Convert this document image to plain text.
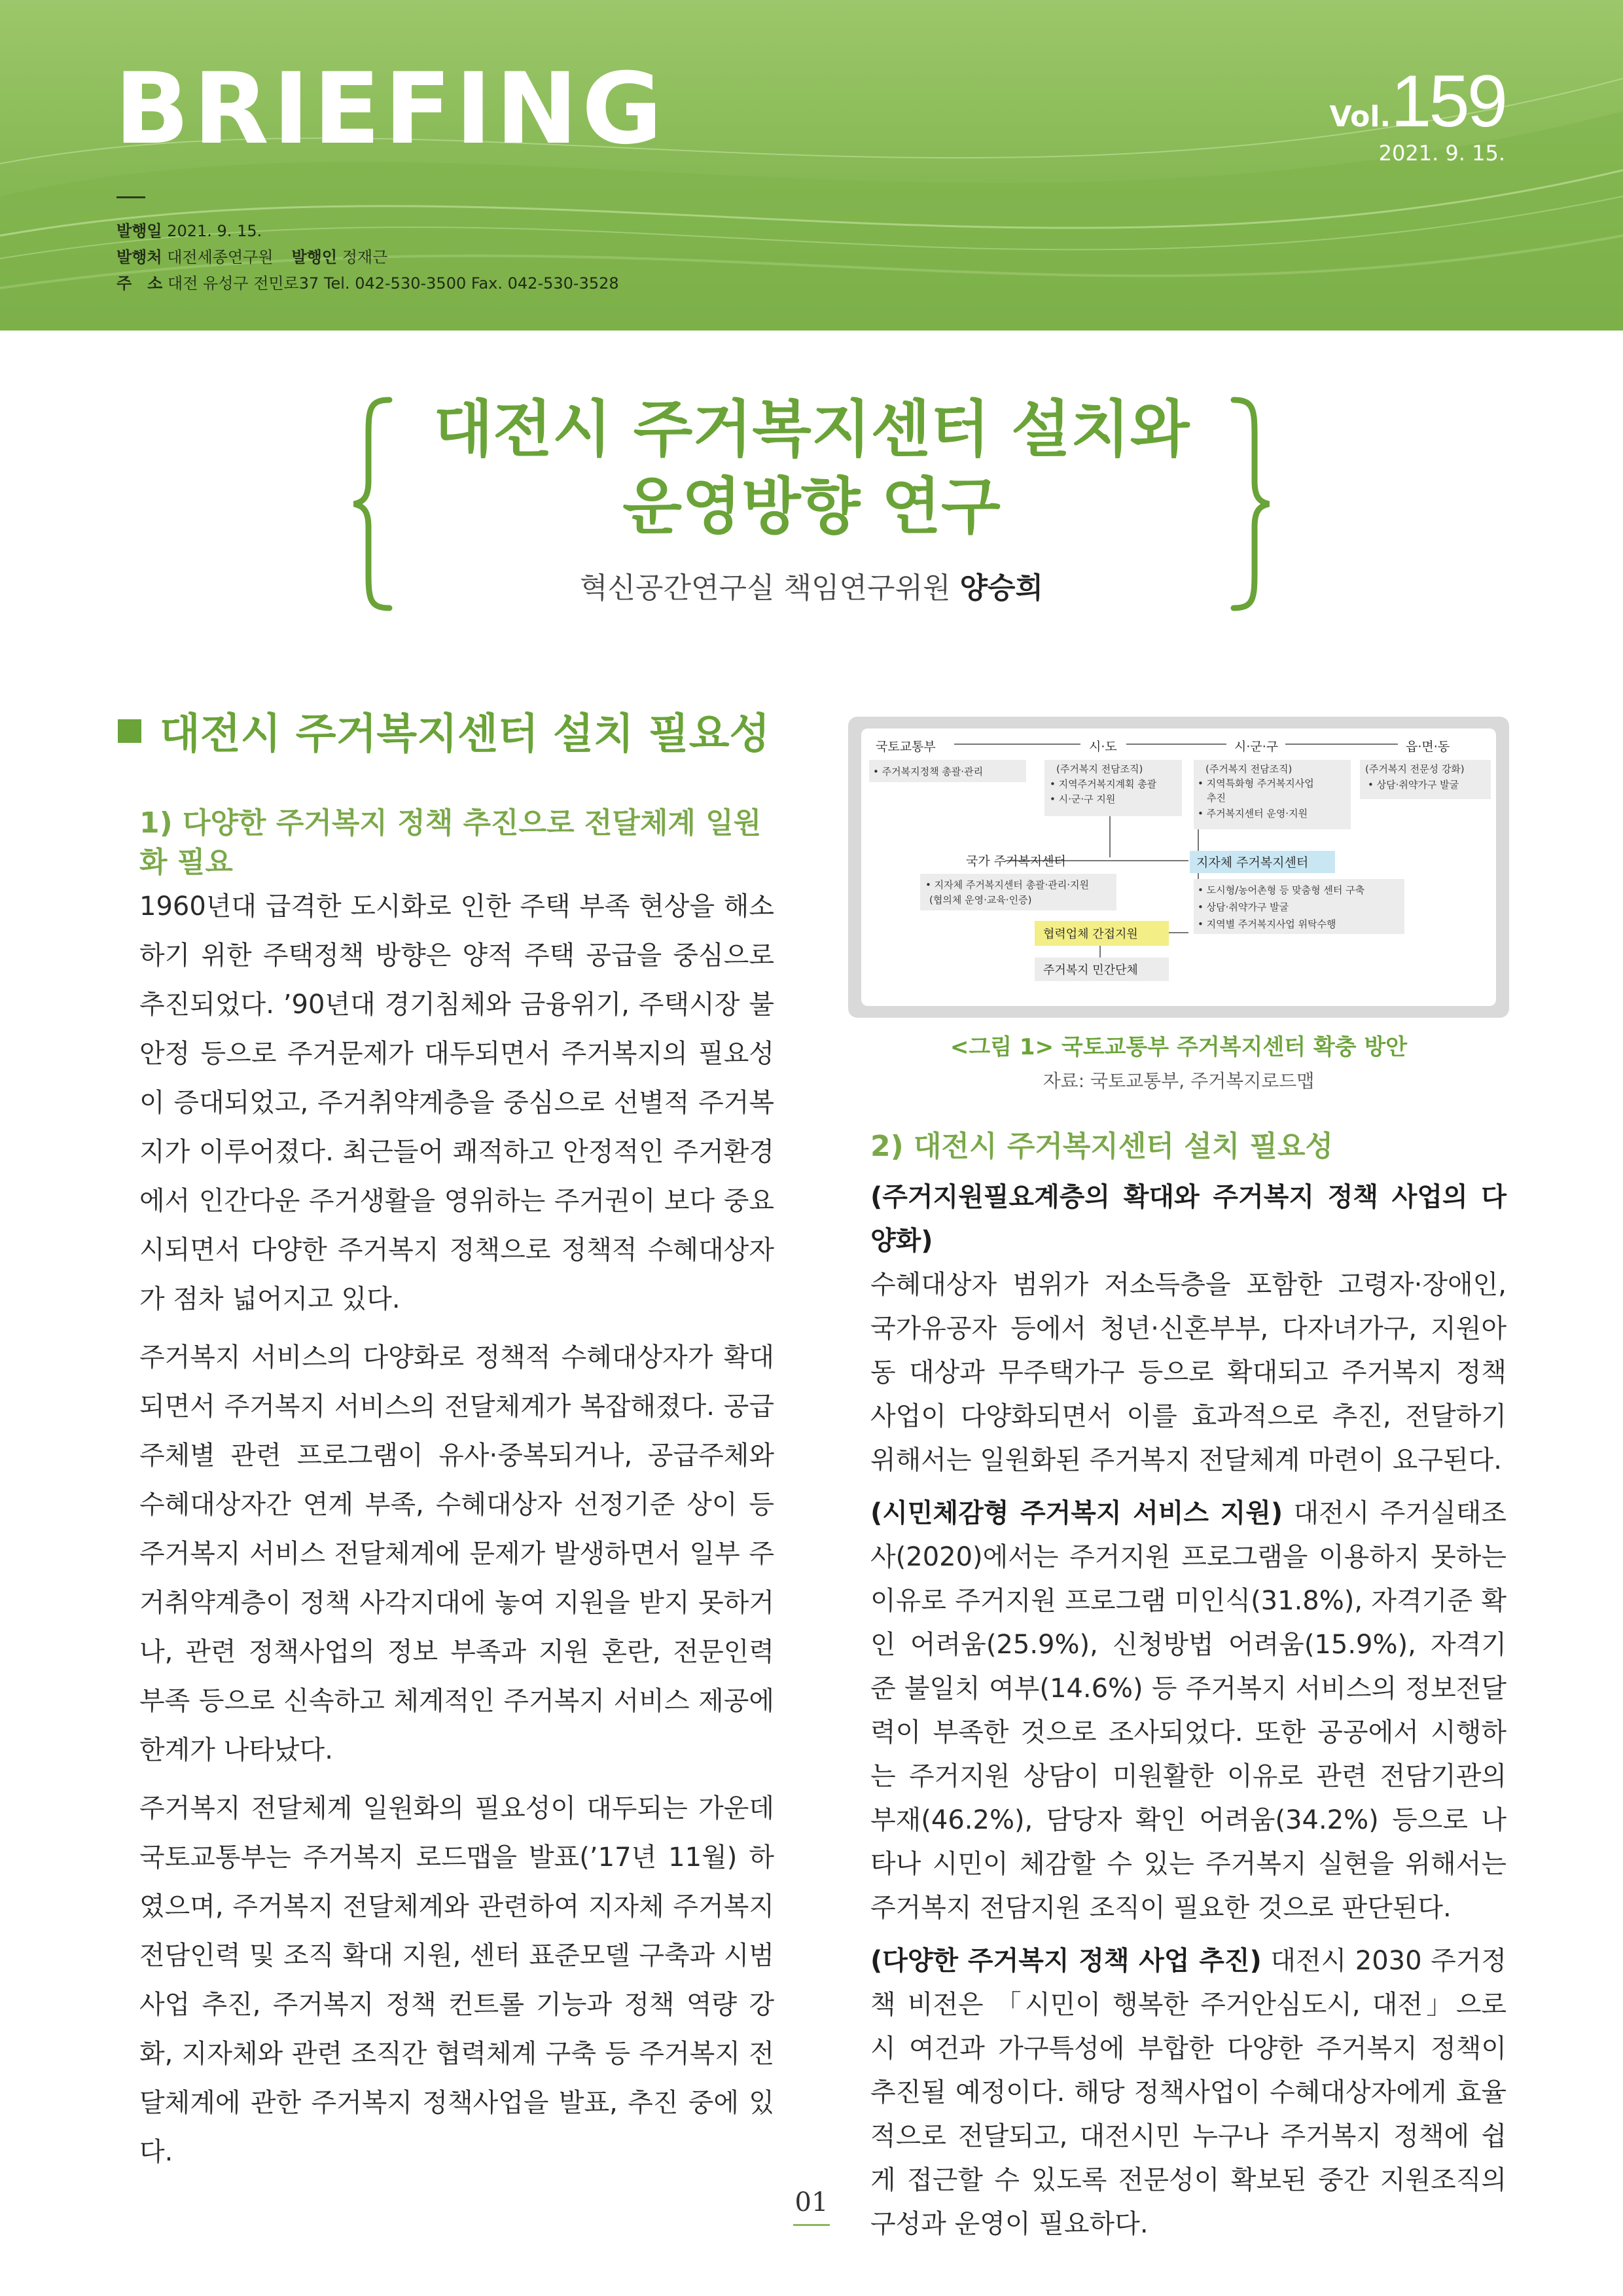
BRIEFING	Vol.159
2021. 9. 15.
발행일 2021. 9. 15.
발행처 대전세종연구원 발행인 정재근
주　소 대전 유성구 전민로37 Tel. 042-530-3500 Fax. 042-530-3528
대전시 주거복지센터 설치와
운영방향 연구
혁신공간연구실 책임연구위원 양승희
대전시 주거복지센터 설치 필요성
1) 다양한 주거복지 정책 추진으로 전달체계 일원화 필요

1960년대 급격한 도시화로 인한 주택 부족 현상을 해소하기 위한 주택정책 방향은 양적 주택 공급을 중심으로 추진되었다. ’90년대 경기침체와 금융위기, 주택시장 불안정 등으로 주거문제가 대두되면서 주거복지의 필요성이 증대되었고, 주거취약계층을 중심으로 선별적 주거복지가 이루어졌다. 최근들어 쾌적하고 안정적인 주거환경에서 인간다운 주거생활을 영위하는 주거권이 보다 중요시되면서 다양한 주거복지 정책으로 정책적 수혜대상자가 점차 넓어지고 있다.

주거복지 서비스의 다양화로 정책적 수혜대상자가 확대되면서 주거복지 서비스의 전달체계가 복잡해졌다. 공급주체별 관련 프로그램이 유사·중복되거나, 공급주체와 수혜대상자간 연계 부족, 수혜대상자 선정기준 상이 등 주거복지 서비스 전달체계에 문제가 발생하면서 일부 주거취약계층이 정책 사각지대에 놓여 지원을 받지 못하거나, 관련 정책사업의 정보 부족과 지원 혼란, 전문인력 부족 등으로 신속하고 체계적인 주거복지 서비스 제공에 한계가 나타났다.

주거복지 전달체계 일원화의 필요성이 대두되는 가운데 국토교통부는 주거복지 로드맵을 발표(’17년 11월) 하였으며, 주거복지 전달체계와 관련하여 지자체 주거복지 전담인력 및 조직 확대 지원, 센터 표준모델 구축과 시범사업 추진, 주거복지 정책 컨트롤 기능과 정책 역량 강화, 지자체와 관련 조직간 협력체계 구축 등 주거복지 전달체계에 관한 주거복지 정책사업을 발표, 추진 중에 있다.

국토교통부	시·도	시·군·구	읍·면·동
• 주거복지정책 총괄·관리	(주거복지 전담조직)
• 지역주거복지계획 총괄
• 시·군·구 지원
(주거복지 전담조직)
• 지역특화형 주거복지사업
추진
• 주거복지센터 운영·지원
(주거복지 전문성 강화)
• 상담·취약가구 발굴
국가 주거복지센터
• 지자체 주거복지센터 총괄·관리·지원
(협의체 운영·교육·인증)
지자체 주거복지센터
• 도시형/농어촌형 등 맞춤형 센터 구축
• 상담·취약가구 발굴
• 지역별 주거복지사업 위탁수행
협력업체 간접지원
주거복지 민간단체
<그림 1> 국토교통부 주거복지센터 확충 방안
자료: 국토교통부, 주거복지로드맵
2) 대전시 주거복지센터 설치 필요성

(주거지원필요계층의 확대와 주거복지 정책 사업의 다양화)
수혜대상자 범위가 저소득층을 포함한 고령자·장애인, 국가유공자 등에서 청년·신혼부부, 다자녀가구, 지원아동 대상과 무주택가구 등으로 확대되고 주거복지 정책 사업이 다양화되면서 이를 효과적으로 추진, 전달하기 위해서는 일원화된 주거복지 전달체계 마련이 요구된다.

(시민체감형 주거복지 서비스 지원) 대전시 주거실태조사(2020)에서는 주거지원 프로그램을 이용하지 못하는 이유로 주거지원 프로그램 미인식(31.8%), 자격기준 확인 어려움(25.9%), 신청방법 어려움(15.9%), 자격기준 불일치 여부(14.6%) 등 주거복지 서비스의 정보전달력이 부족한 것으로 조사되었다. 또한 공공에서 시행하는 주거지원 상담이 미원활한 이유로 관련 전담기관의 부재(46.2%), 담당자 확인 어려움(34.2%) 등으로 나타나 시민이 체감할 수 있는 주거복지 실현을 위해서는 주거복지 전담지원 조직이 필요한 것으로 판단된다.

(다양한 주거복지 정책 사업 추진) 대전시 2030 주거정책 비전은 「시민이 행복한 주거안심도시, 대전」으로 시 여건과 가구특성에 부합한 다양한 주거복지 정책이 추진될 예정이다. 해당 정책사업이 수혜대상자에게 효율적으로 전달되고, 대전시민 누구나 주거복지 정책에 쉽게 접근할 수 있도록 전문성이 확보된 중간 지원조직의 구성과 운영이 필요하다.

01
